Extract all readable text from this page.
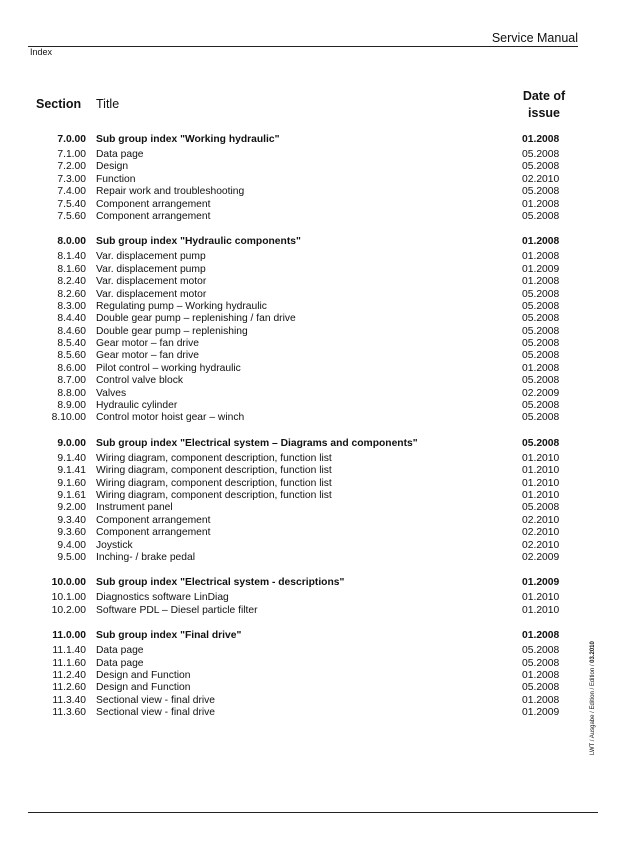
Service Manual
Index
Section Title
Date of
issue
7.0.00 Sub group index "Working hydraulic"	01.2008
7.1.00 Data page	05.2008
7.2.00 Design	05.2008
7.3.00 Function	02.2010
7.4.00 Repair work and troubleshooting	05.2008
7.5.40 Component arrangement	01.2008
7.5.60 Component arrangement	05.2008
8.0.00 Sub group index "Hydraulic components"	01.2008
8.1.40 Var. displacement pump	01.2008
8.1.60 Var. displacement pump	01.2009
8.2.40 Var. displacement motor	01.2008
8.2.60 Var. displacement motor	05.2008
8.3.00 Regulating pump – Working hydraulic	05.2008
8.4.40 Double gear pump – replenishing / fan drive	05.2008
8.4.60 Double gear pump – replenishing	05.2008
8.5.40 Gear motor – fan drive	05.2008
8.5.60 Gear motor – fan drive	05.2008
8.6.00 Pilot control – working hydraulic	01.2008
8.7.00 Control valve block	05.2008
8.8.00 Valves	02.2009
8.9.00 Hydraulic cylinder	05.2008
8.10.00 Control motor hoist gear – winch	05.2008
9.0.00 Sub group index "Electrical system – Diagrams and components"	05.2008
9.1.40 Wiring diagram, component description, function list	01.2010
9.1.41 Wiring diagram, component description, function list	01.2010
9.1.60 Wiring diagram, component description, function list	01.2010
9.1.61 Wiring diagram, component description, function list	01.2010
9.2.00 Instrument panel	05.2008
9.3.40 Component arrangement	02.2010
9.3.60 Component arrangement	02.2010
9.4.00 Joystick	02.2010
9.5.00 Inching- / brake pedal	02.2009
10.0.00 Sub group index "Electrical system - descriptions"	01.2009
10.1.00 Diagnostics software LinDiag	01.2010
10.2.00 Software PDL – Diesel particle filter	01.2010
11.0.00 Sub group index "Final drive"	01.2008
11.1.40 Data page	05.2008
11.1.60 Data page	05.2008
11.2.40 Design and Function	01.2008
11.2.60 Design and Function	05.2008
11.3.40 Sectional view - final drive	01.2008
11.3.60 Sectional view - final drive	01.2009	LWT / Ausgabe / Edition / Edition / 03.2010
